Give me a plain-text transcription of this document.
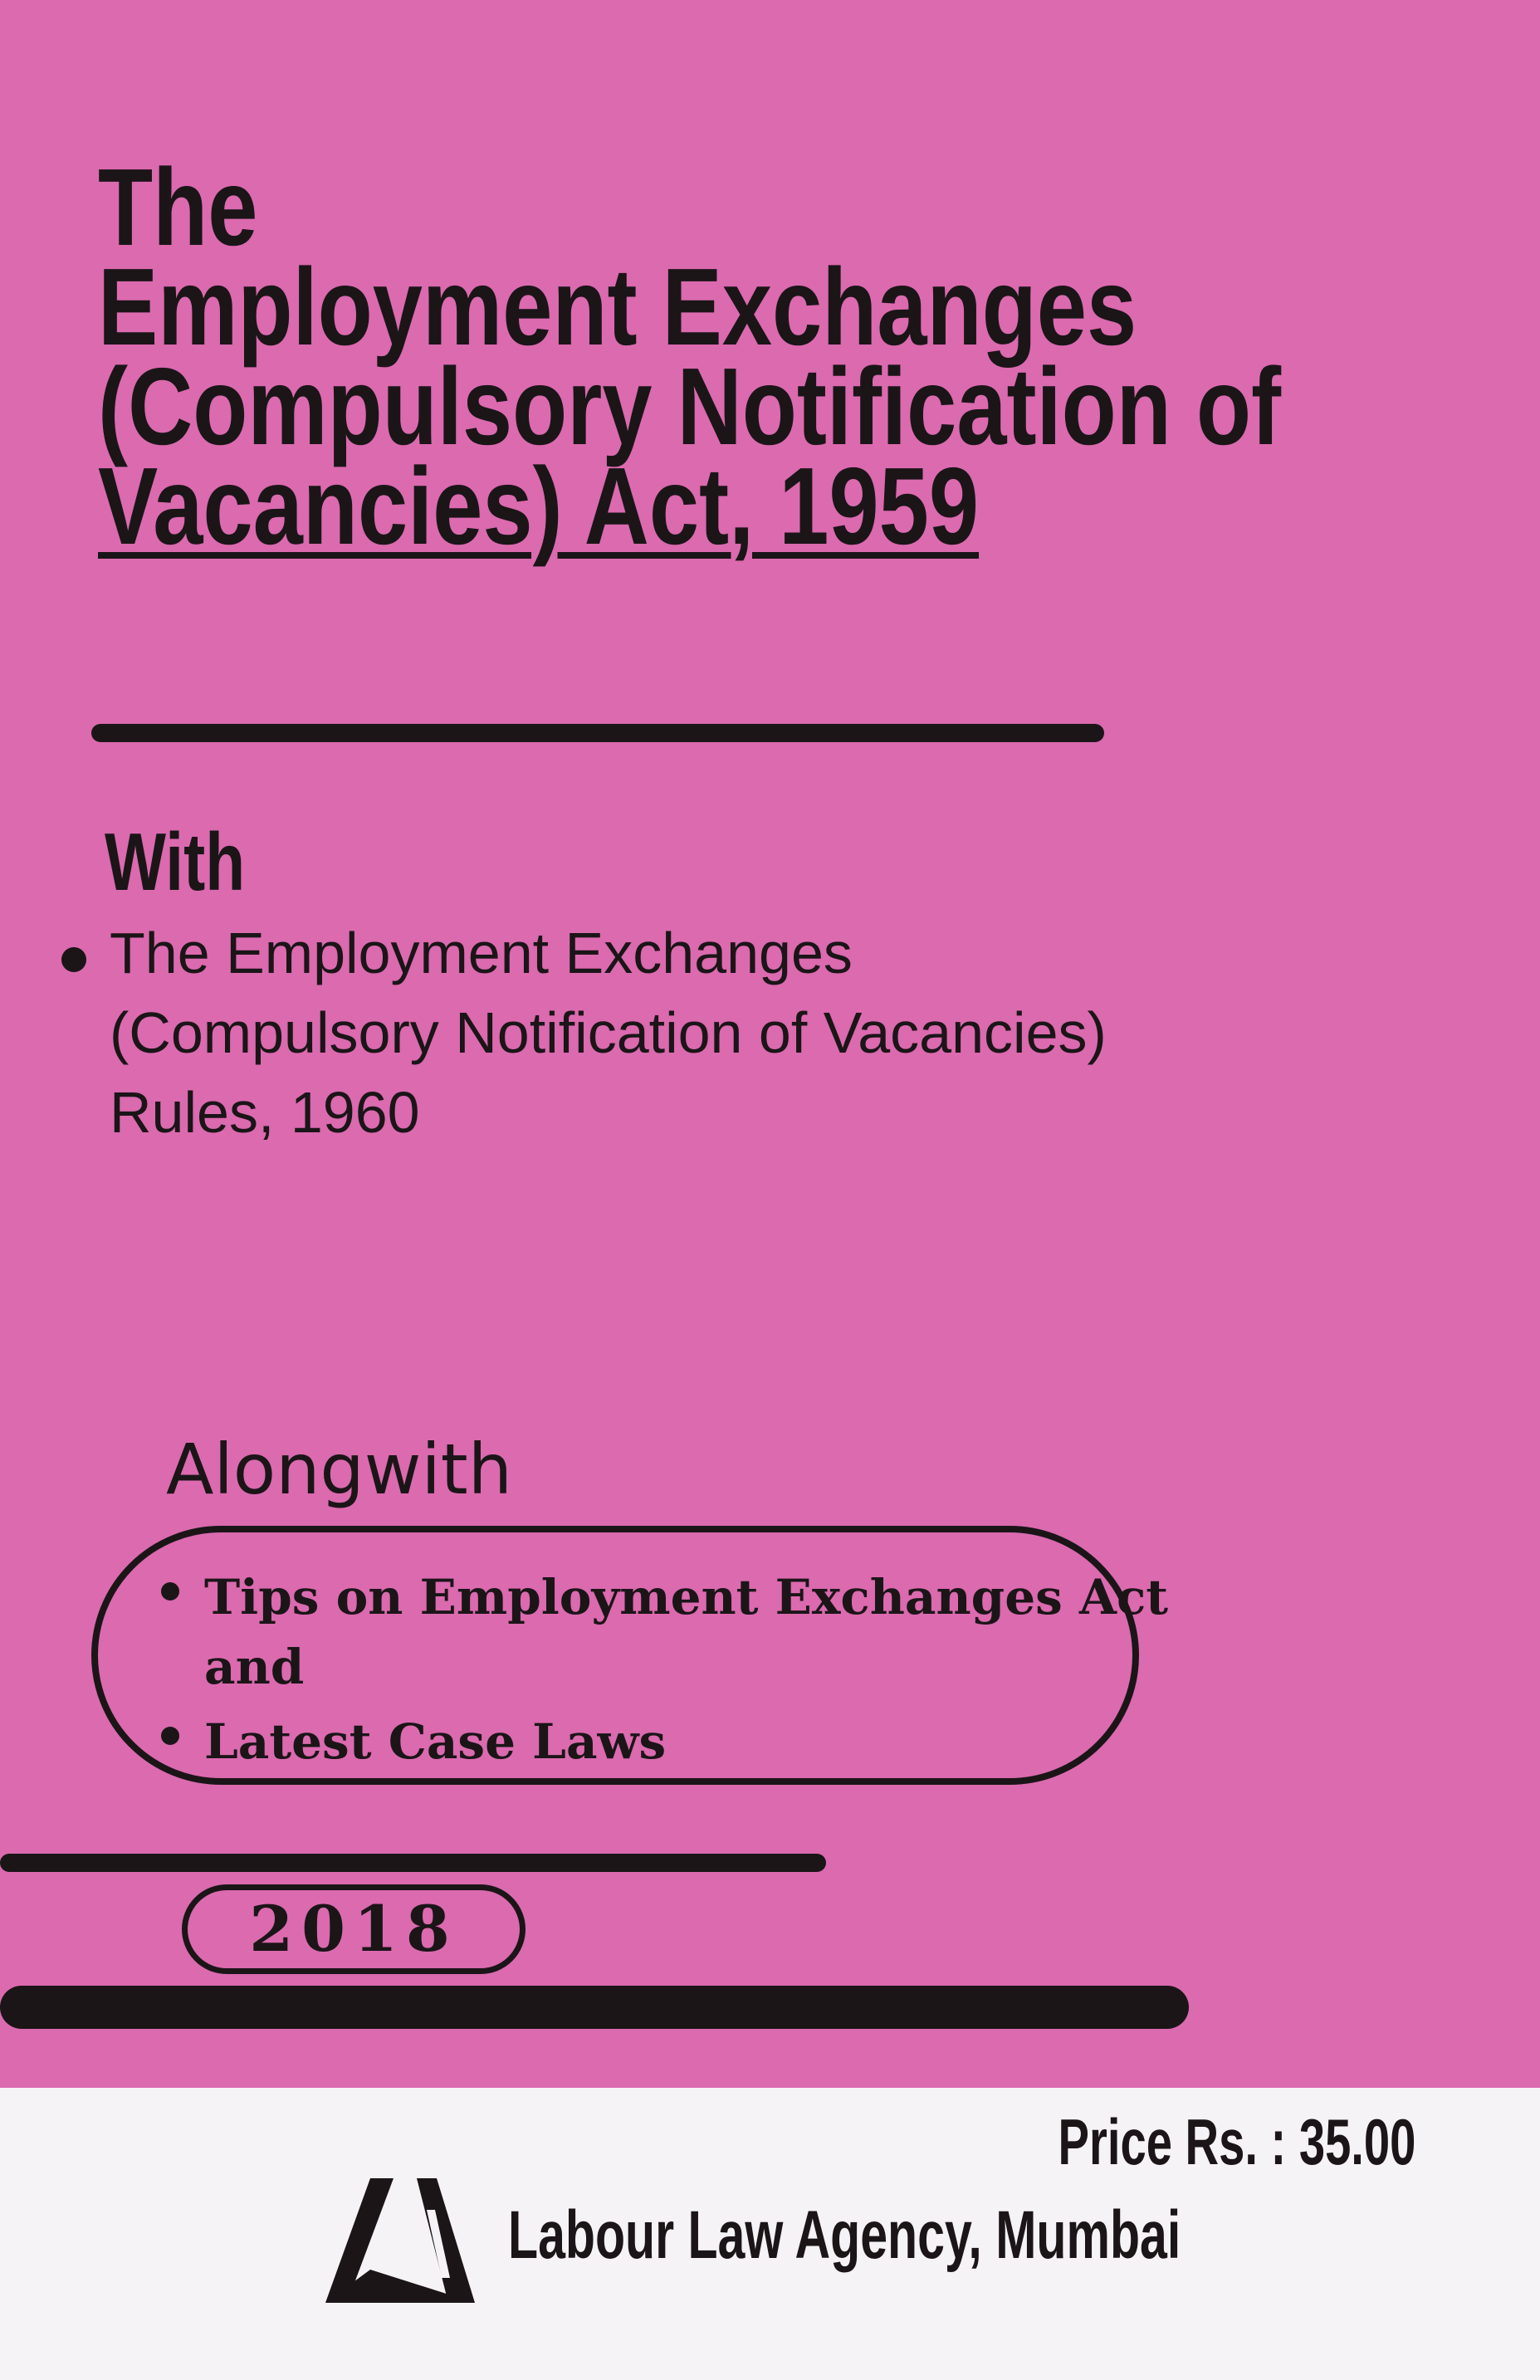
The
Employment Exchanges
(Compulsory Notification of
Vacancies) Act, 1959

With

The Employment Exchanges
(Compulsory Notification of Vacancies)
Rules, 1960
Alongwith
Tips on Employment Exchanges Act
and
Latest Case Laws
2018
Price Rs. : 35.00
Labour Law Agency, Mumbai
